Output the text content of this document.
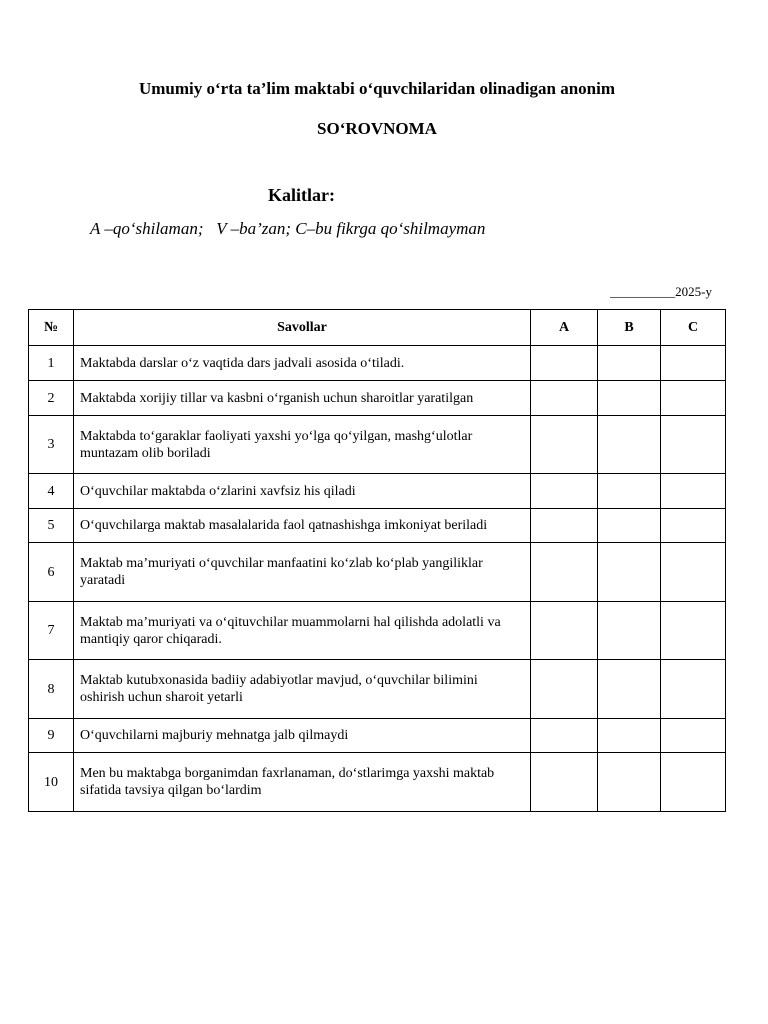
Umumiy o‘rta ta’lim maktabi o‘quvchilaridan olinadigan anonim
SO‘ROVNOMA
Kalitlar:
A –qo‘shilaman;   V –ba’zan; C–bu fikrga qo‘shilmayman
__________2025-y
№	Savollar	A	B	C
1	Maktabda darslar o‘z vaqtida dars jadvali asosida o‘tiladi.			
2	Maktabda xorijiy tillar va kasbni o‘rganish uchun sharoitlar yaratilgan			
3	Maktabda to‘garaklar faoliyati yaxshi yo‘lga qo‘yilgan, mashg‘ulotlar muntazam olib boriladi			
4	O‘quvchilar maktabda o‘zlarini xavfsiz his qiladi			
5	O‘quvchilarga maktab masalalarida faol qatnashishga imkoniyat beriladi			
6	Maktab ma’muriyati o‘quvchilar manfaatini ko‘zlab ko‘plab yangiliklar yaratadi			
7	Maktab ma’muriyati va o‘qituvchilar muammolarni hal qilishda adolatli va mantiqiy qaror chiqaradi.			
8	Maktab kutubxonasida badiiy adabiyotlar mavjud, o‘quvchilar bilimini oshirish uchun sharoit yetarli			
9	O‘quvchilarni majburiy mehnatga jalb qilmaydi			
10	Men bu maktabga borganimdan faxrlanaman, do‘stlarimga yaxshi maktab sifatida tavsiya qilgan bo‘lardim			
